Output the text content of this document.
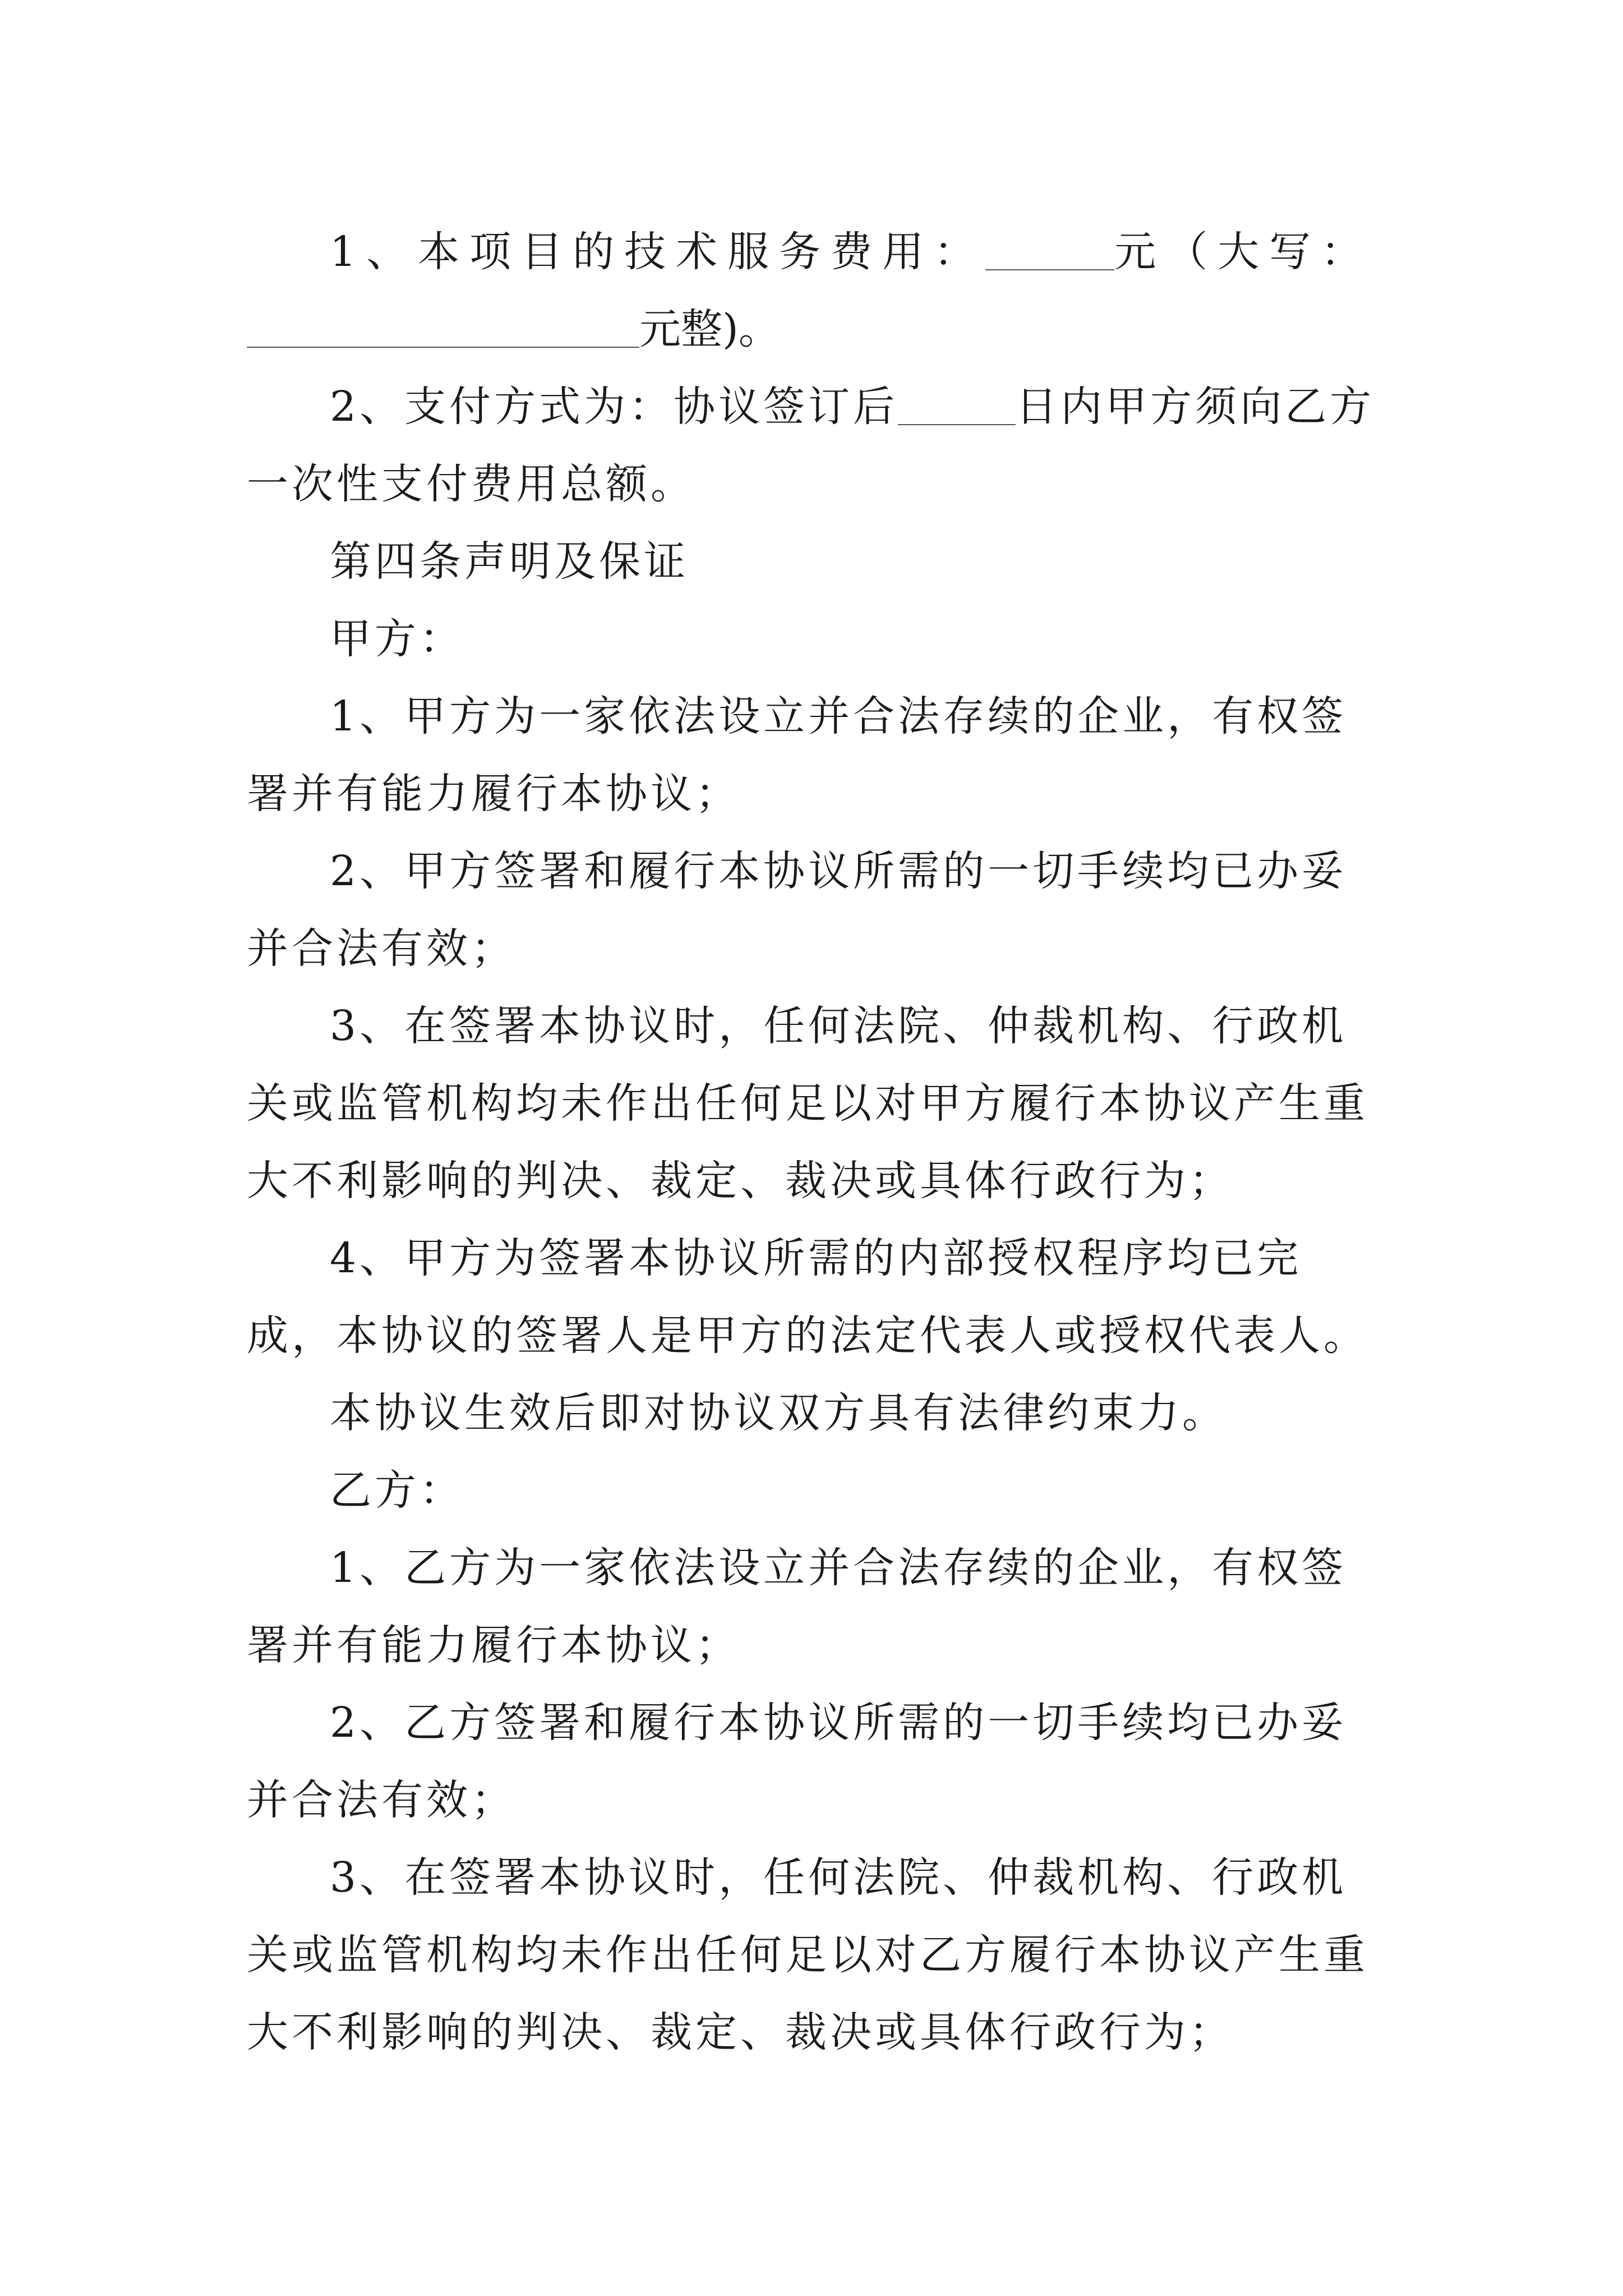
1、本项目的技术服务费用：	元（大写：

元整)。

2、支付方式为：协议签订后	日内甲方须向乙方一次性支付费用总额。

第四条声明及保证

甲方：

1、甲方为一家依法设立并合法存续的企业，有权签署并有能力履行本协议；

2、甲方签署和履行本协议所需的一切手续均已办妥并合法有效；

3、在签署本协议时，任何法院、仲裁机构、行政机关或监管机构均未作出任何足以对甲方履行本协议产生重大不利影响的判决、裁定、裁决或具体行政行为；

4、甲方为签署本协议所需的内部授权程序均已完成，本协议的签署人是甲方的法定代表人或授权代表人。

本协议生效后即对协议双方具有法律约束力。

乙方：

1、乙方为一家依法设立并合法存续的企业，有权签署并有能力履行本协议；

2、乙方签署和履行本协议所需的一切手续均已办妥并合法有效；

3、在签署本协议时，任何法院、仲裁机构、行政机关或监管机构均未作出任何足以对乙方履行本协议产生重大不利影响的判决、裁定、裁决或具体行政行为；
